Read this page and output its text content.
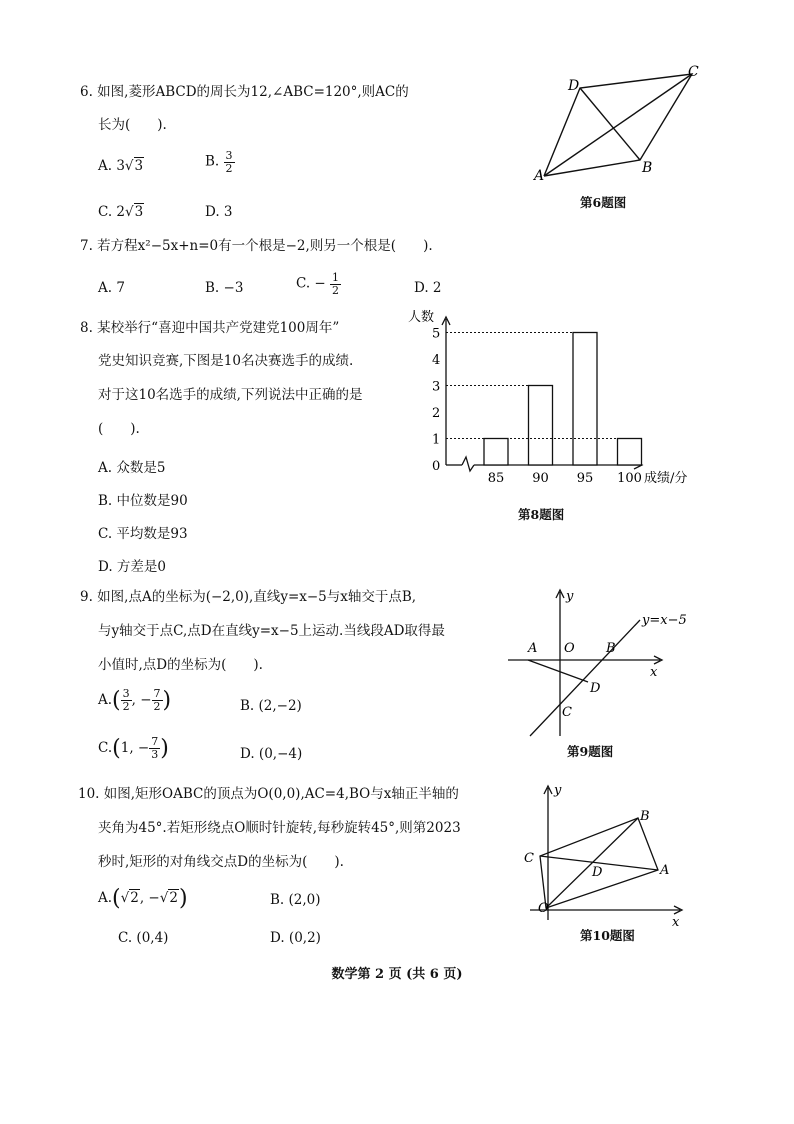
6. 如图,菱形ABCD的周长为12,∠ABC=120°,则AC的
长为(　　).
A. 3√3	B. $\frac{3}{2}$
C. 2√3	D. 3
A	B
C
D
第6题图
7. 若方程x²−5x+n=0有一个根是−2,则另一个根是(　　).
A. 7	B. −3	C. − $\frac{1}{2}$	D. 2
8. 某校举行“喜迎中国共产党建党100周年”
党史知识竞赛,下图是10名决赛选手的成绩.
对于这10名选手的成绩,下列说法中正确的是
(　　).
A. 众数是5
B. 中位数是90
C. 平均数是93
D. 方差是0
人数
成绩/分
0
1
2
3
4
5
85 90 95 100
第8题图
9. 如图,点A的坐标为(−2,0),直线y=x−5与x轴交于点B,
与y轴交于点C,点D在直线y=x−5上运动.当线段AD取得最
小值时,点D的坐标为(　　).
$A.( \frac{3}{2}$ , − $\frac{7}{2}$ )	B. (2,−2)
C.(1, − $\frac{7}{3}$ )	D. (0,−4)
A O B
D
C
x
y
y=x−5
第9题图
10. 如图,矩形OABC的顶点为O(0,0),AC=4,BO与x轴正半轴的
夹角为45°.若矩形绕点O顺时针旋转,每秒旋转45°,则第2023
秒时,矩形的对角线交点D的坐标为(　　).
A.(√2, −√2)	B. (2,0)
C. (0,4)	D. (0,2)
O
A
B
C
D
x
y
第10题图
数学第 2 页 (共 6 页)
